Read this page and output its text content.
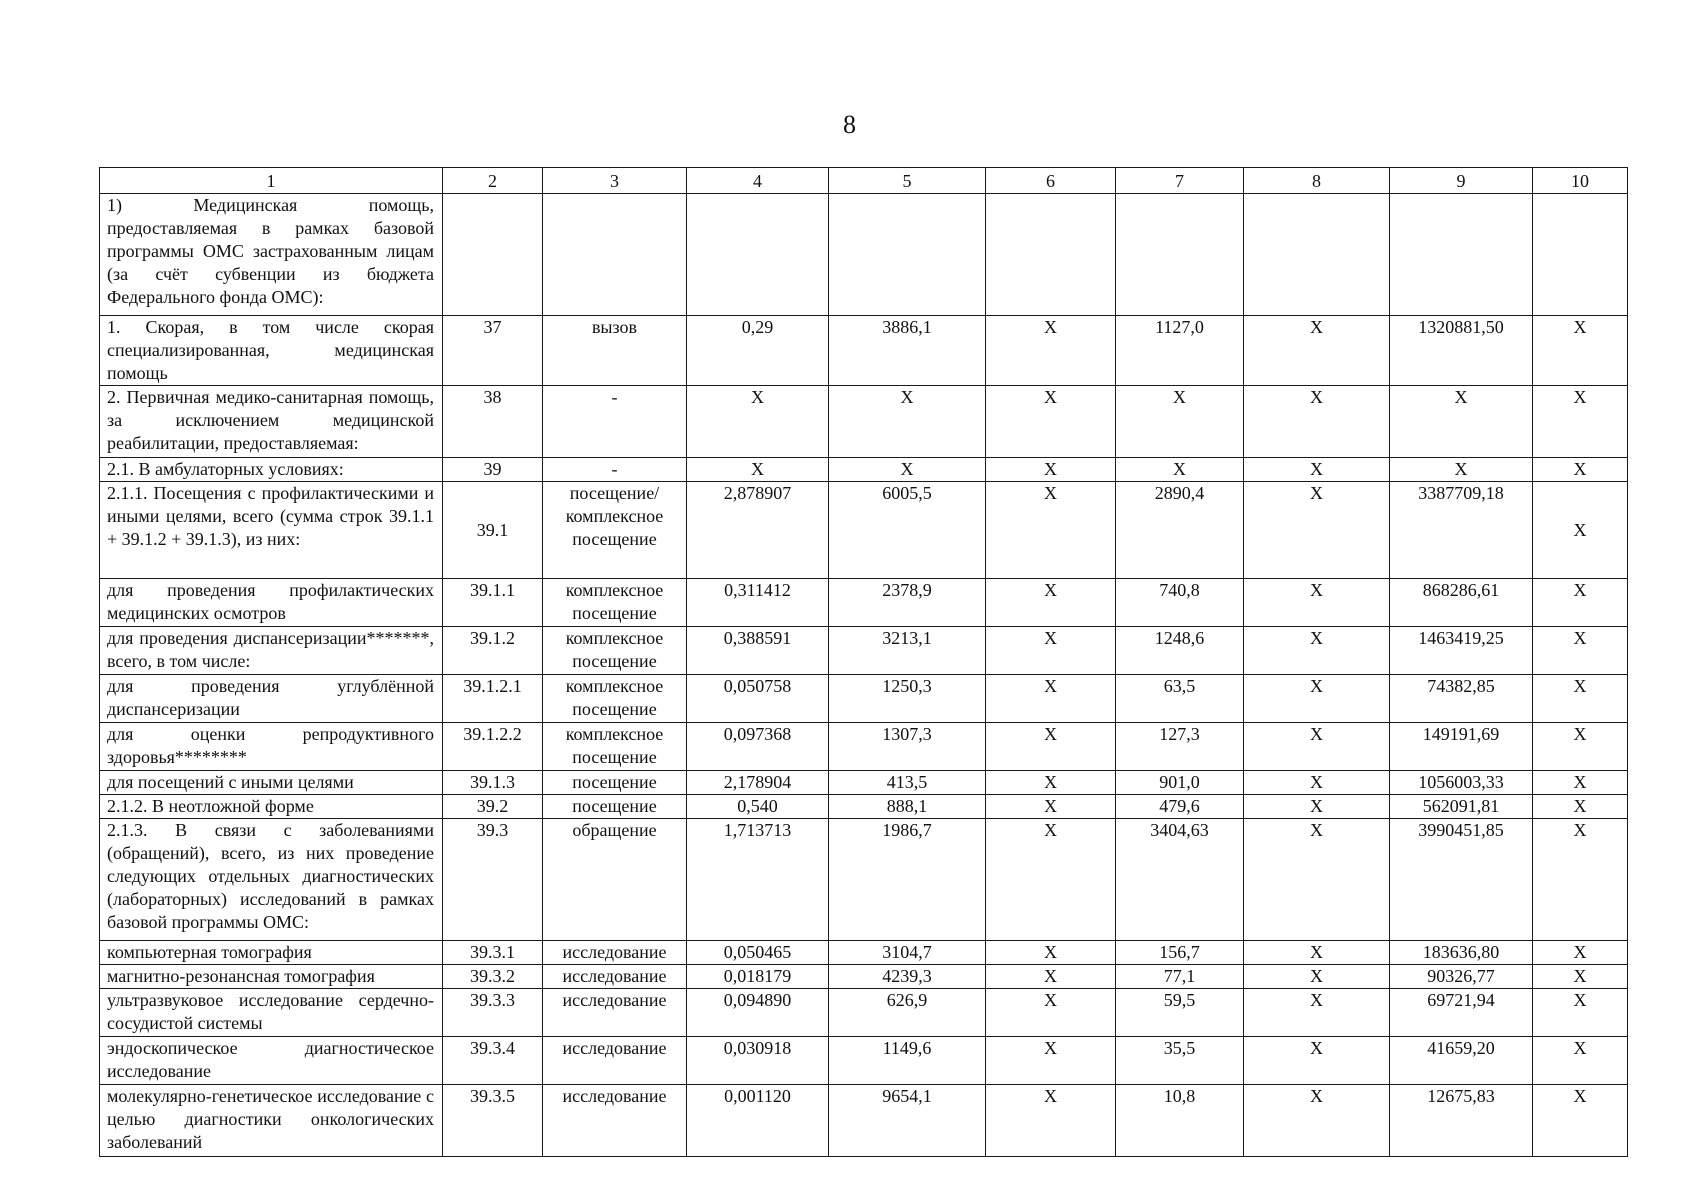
8
1	2	3	4	5	6	7	8	9	10
1) Медицинская помощь, предоставляемая в рамках базовой программы ОМС застрахованным лицам (за счёт субвенции из бюджета Федерального фонда ОМС):									
1. Скорая, в том числе скорая специализированная, медицинская помощь	37	вызов	0,29	3886,1	X	1127,0	X	1320881,50	X
2. Первичная медико-санитарная помощь, за исключением медицинской реабилитации, предоставляемая:	38	-	X	X	X	X	X	X	X
2.1. В амбулаторных условиях:	39	-	X	X	X	X	X	X	X
2.1.1. Посещения с профилактическими и иными целями, всего (сумма строк 39.1.1 + 39.1.2 + 39.1.3), из них:	39.1	посещение/ комплексное посещение	2,878907	6005,5	X	2890,4	X	3387709,18	X
для проведения профилактических медицинских осмотров	39.1.1	комплексное посещение	0,311412	2378,9	X	740,8	X	868286,61	X
для проведения диспансеризации*******, всего, в том числе:	39.1.2	комплексное посещение	0,388591	3213,1	X	1248,6	X	1463419,25	X
для проведения углублённой диспансеризации	39.1.2.1	комплексное посещение	0,050758	1250,3	X	63,5	X	74382,85	X
для оценки репродуктивного здоровья********	39.1.2.2	комплексное посещение	0,097368	1307,3	X	127,3	X	149191,69	X
для посещений с иными целями	39.1.3	посещение	2,178904	413,5	X	901,0	X	1056003,33	X
2.1.2. В неотложной форме	39.2	посещение	0,540	888,1	X	479,6	X	562091,81	X
2.1.3. В связи с заболеваниями (обращений), всего, из них проведение следующих отдельных диагностических (лабораторных) исследований в рамках базовой программы ОМС:	39.3	обращение	1,713713	1986,7	X	3404,63	X	3990451,85	X
компьютерная томография	39.3.1	исследование	0,050465	3104,7	X	156,7	X	183636,80	X
магнитно-резонансная томография	39.3.2	исследование	0,018179	4239,3	X	77,1	X	90326,77	X
ультразвуковое исследование сердечно-сосудистой системы	39.3.3	исследование	0,094890	626,9	X	59,5	X	69721,94	X
эндоскопическое диагностическое исследование	39.3.4	исследование	0,030918	1149,6	X	35,5	X	41659,20	X
молекулярно-генетическое исследование с целью диагностики онкологических заболеваний	39.3.5	исследование	0,001120	9654,1	X	10,8	X	12675,83	X
